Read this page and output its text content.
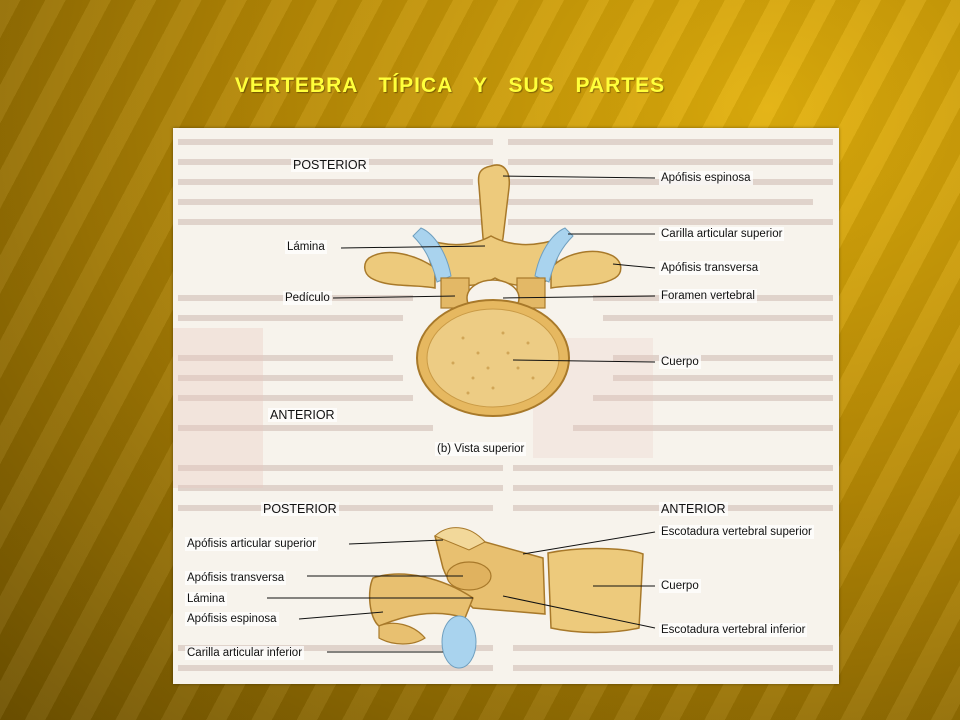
VERTEBRA TÍPICA Y SUS PARTES
POSTERIOR
ANTERIOR
(b) Vista superior
Apófisis espinosa
Lámina
Carilla articular superior
Apófisis transversa
Pedículo	Foramen vertebral
Cuerpo
POSTERIOR	ANTERIOR
Apófisis articular superior
Apófisis transversa
Lámina
Apófisis espinosa
Carilla articular inferior
Escotadura vertebral superior
Cuerpo
Escotadura vertebral inferior
